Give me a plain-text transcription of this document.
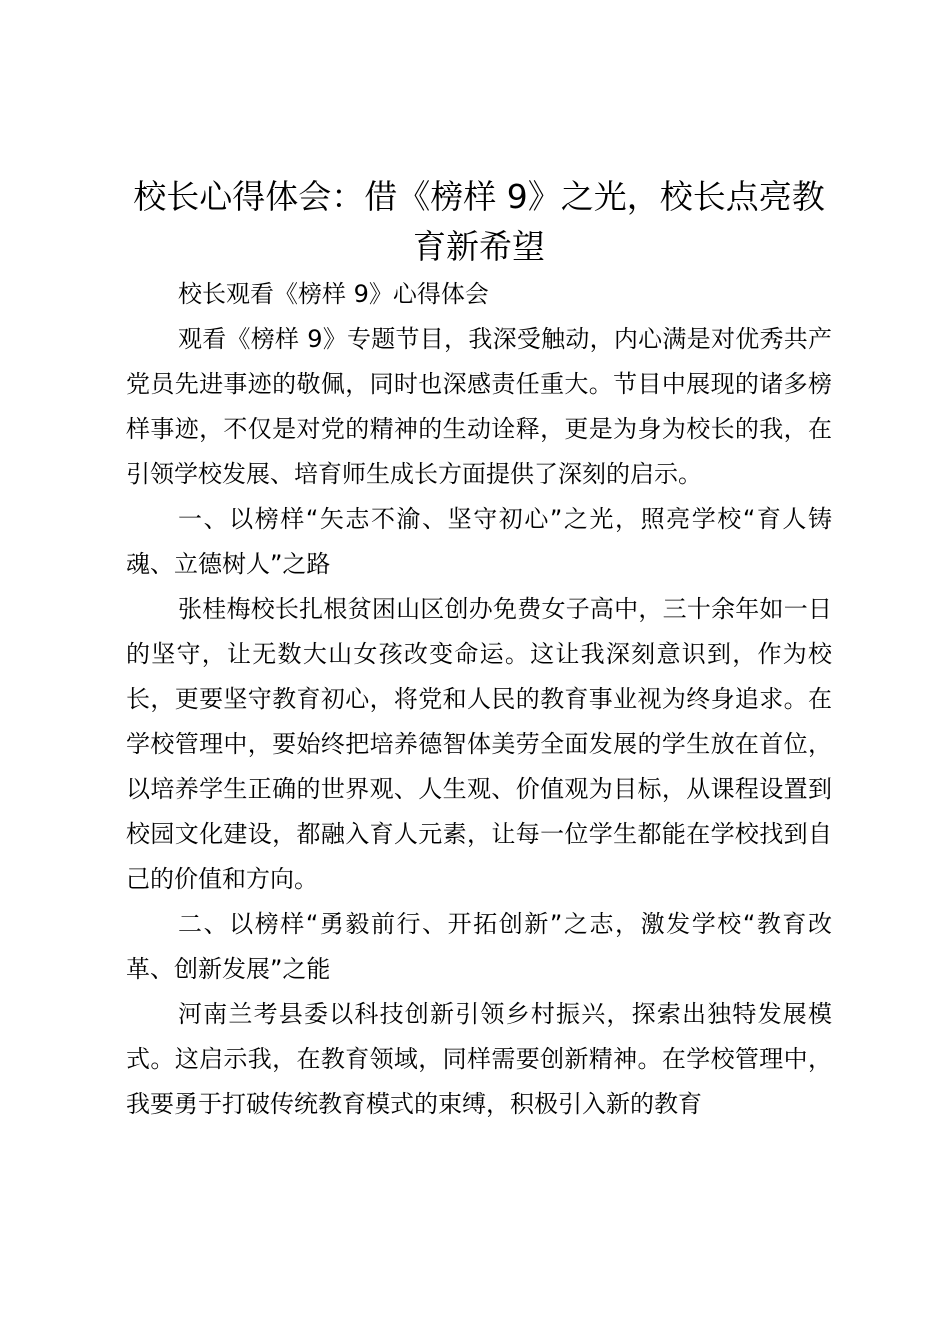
校长心得体会：借《榜样 9》之光，校长点亮教育新希望

校长观看《榜样 9》心得体会

观看《榜样 9》专题节目，我深受触动，内心满是对优秀共产党员先进事迹的敬佩，同时也深感责任重大。节目中展现的诸多榜样事迹，不仅是对党的精神的生动诠释，更是为身为校长的我，在引领学校发展、培育师生成长方面提供了深刻的启示。

一、以榜样“矢志不渝、坚守初心”之光，照亮学校“育人铸魂、立德树人”之路

张桂梅校长扎根贫困山区创办免费女子高中，三十余年如一日的坚守，让无数大山女孩改变命运。这让我深刻意识到，作为校长，更要坚守教育初心，将党和人民的教育事业视为终身追求。在学校管理中，要始终把培养德智体美劳全面发展的学生放在首位，以培养学生正确的世界观、人生观、价值观为目标，从课程设置到校园文化建设，都融入育人元素，让每一位学生都能在学校找到自己的价值和方向。

二、以榜样“勇毅前行、开拓创新”之志，激发学校“教育改革、创新发展”之能

河南兰考县委以科技创新引领乡村振兴，探索出独特发展模式。这启示我，在教育领域，同样需要创新精神。在学校管理中，我要勇于打破传统教育模式的束缚，积极引入新的教育
